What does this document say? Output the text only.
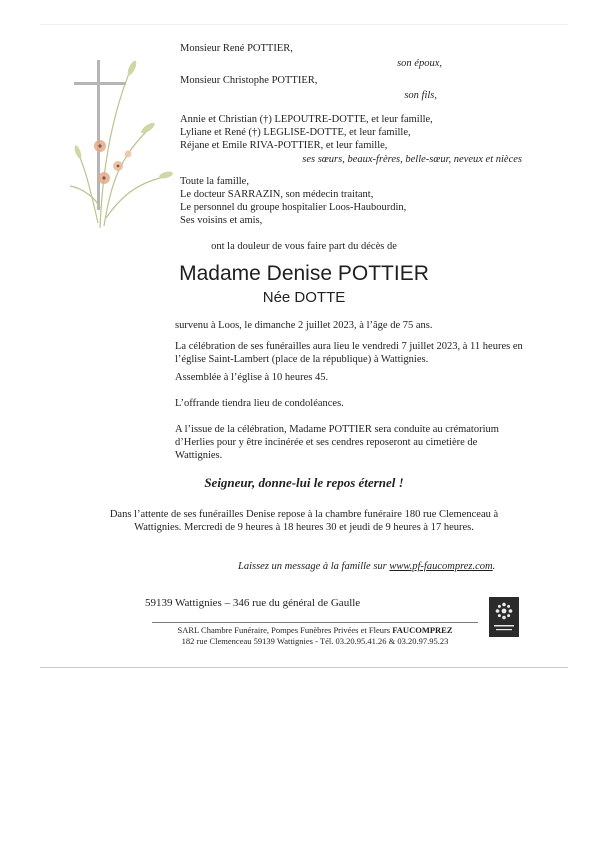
Monsieur René POTTIER,
son époux,
Monsieur Christophe POTTIER,
son fils,
Annie et Christian (†) LEPOUTRE-DOTTE, et leur famille,
Lyliane et René (†) LEGLISE-DOTTE, et leur famille,
Réjane et Emile RIVA-POTTIER, et leur famille,
ses sœurs, beaux-frères, belle-sœur, neveux et nièces
Toute la famille,
Le docteur SARRAZIN, son médecin traitant,
Le personnel du groupe hospitalier Loos-Haubourdin,
Ses voisins et amis,
ont la douleur de vous faire part du décès de
Madame Denise POTTIER
Née DOTTE
survenu à Loos, le dimanche 2 juillet 2023, à l’âge de 75 ans.
La célébration de ses funérailles aura lieu le vendredi 7 juillet 2023, à 11 heures en l’église Saint-Lambert (place de la république) à Wattignies.
Assemblée à l’église à 10 heures 45.
L’offrande tiendra lieu de condoléances.
A l’issue de la célébration, Madame POTTIER sera conduite au crématorium d’Herlies pour y être incinérée et ses cendres reposeront au cimetière de Wattignies.
Seigneur, donne-lui le repos éternel !
Dans l’attente de ses funérailles Denise repose à la chambre funéraire 180 rue Clemenceau à Wattignies. Mercredi de 9 heures à 18 heures 30 et jeudi de 9 heures à 17 heures.
Laissez un message à la famille sur www.pf-faucomprez.com.
59139 Wattignies – 346 rue du général de Gaulle
SARL Chambre Funéraire, Pompes Funèbres Privées et Fleurs FAUCOMPREZ
182 rue Clemenceau 59139 Wattignies - Tél. 03.20.95.41.26 & 03.20.97.95.23
